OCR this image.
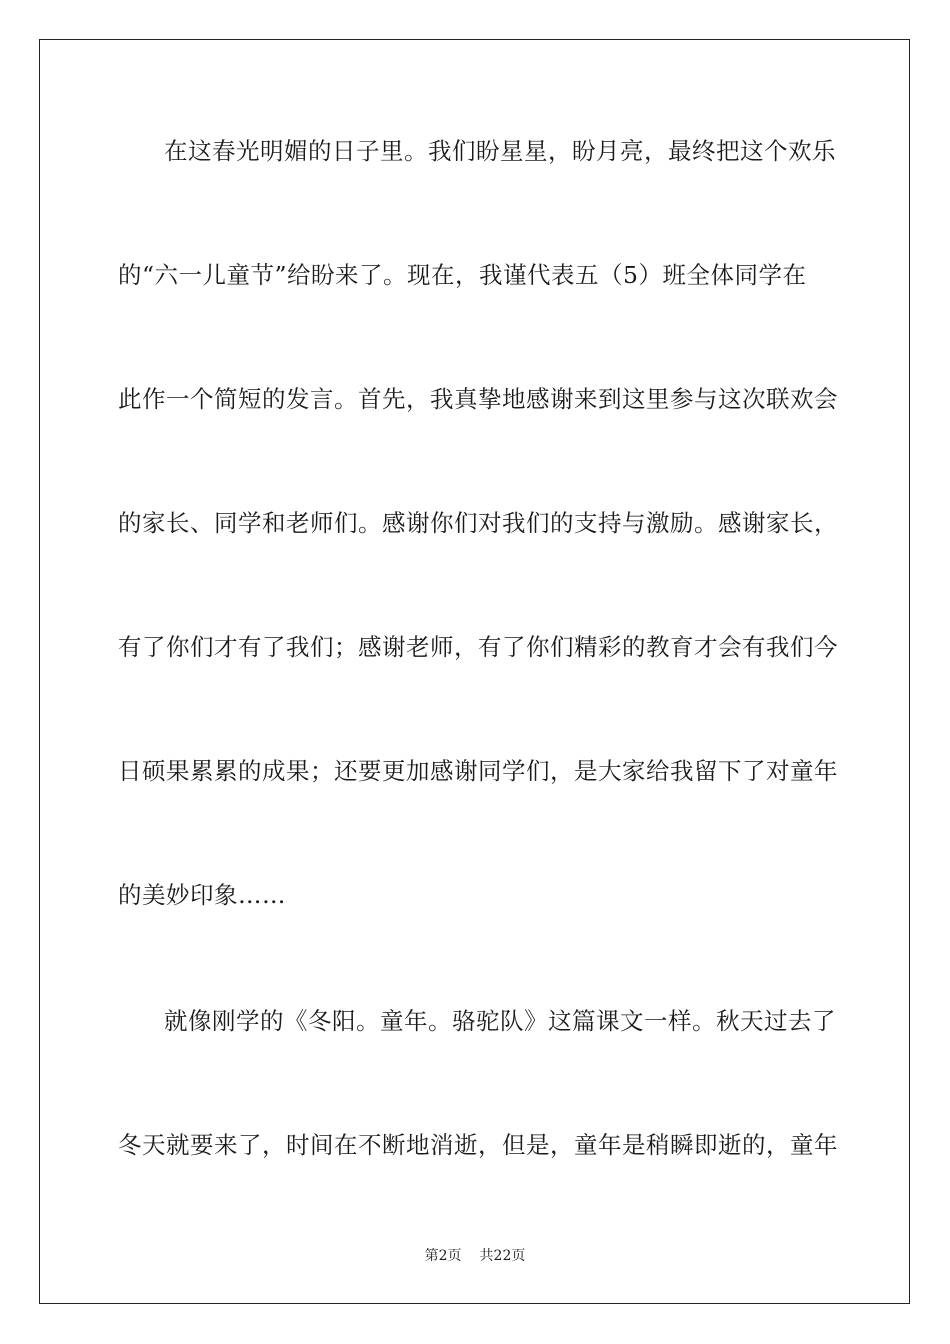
在这春光明媚的日子里。我们盼星星，盼月亮，最终把这个欢乐
的“六一儿童节”给盼来了。现在，我谨代表五（5）班全体同学在
此作一个简短的发言。首先，我真挚地感谢来到这里参与这次联欢会
的家长、同学和老师们。感谢你们对我们的支持与激励。感谢家长，
有了你们才有了我们；感谢老师，有了你们精彩的教育才会有我们今
日硕果累累的成果；还要更加感谢同学们，是大家给我留下了对童年
的美妙印象……
就像刚学的《冬阳。童年。骆驼队》这篇课文一样。秋天过去了
冬天就要来了，时间在不断地消逝，但是，童年是稍瞬即逝的，童年
第2页 共22页
